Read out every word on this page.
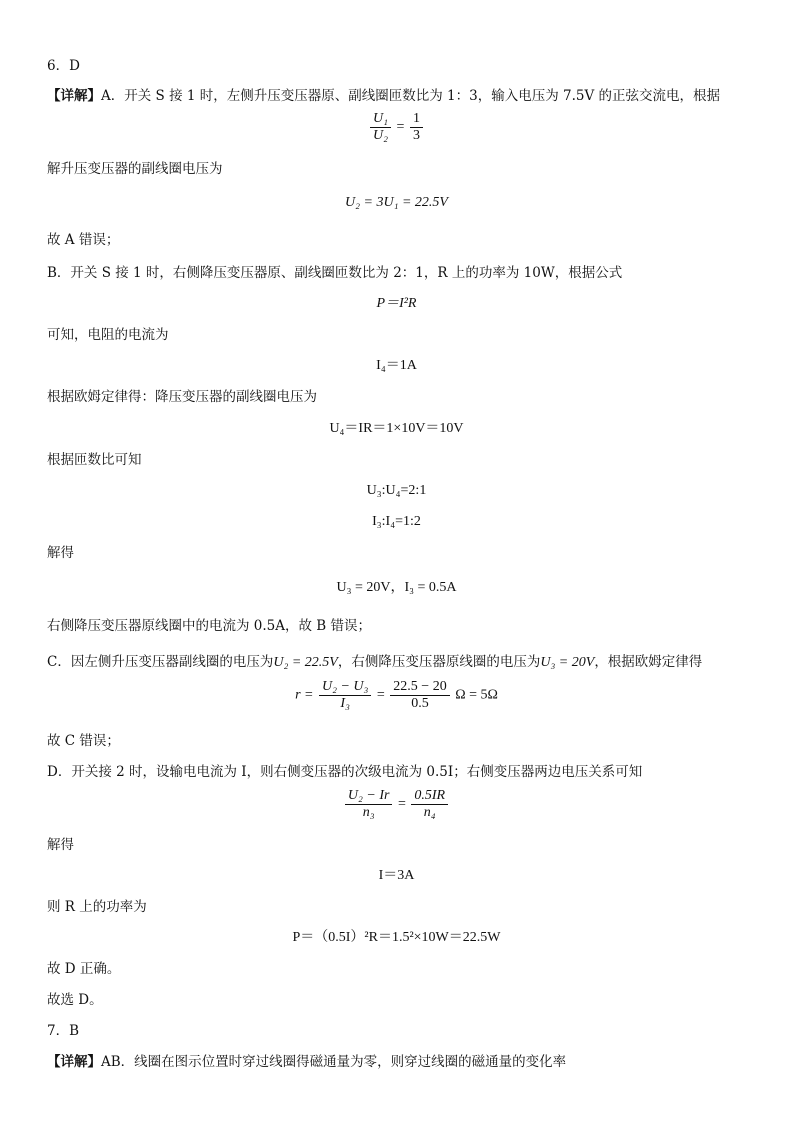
6．D
【详解】A．开关 S 接 1 时，左侧升压变压器原、副线圈匝数比为 1：3，输入电压为 7.5V 的正弦交流电，根据
$\frac{\text{U₁}}{\text{U₂}} = \frac{1}{3}$
解升压变压器的副线圈电压为
U₂ = 3U₁ = 22.5V
故 A 错误；
B．开关 S 接 1 时，右侧降压变压器原、副线圈匝数比为 2：1，R 上的功率为 10W，根据公式
P＝I²R
可知，电阻的电流为
I₄＝1A
根据欧姆定律得：降压变压器的副线圈电压为
U₄＝IR＝1×10V＝10V
根据匝数比可知
U₃:U₄=2:1
I₃:I₄=1:2
解得
U₃ = 20V，I₃ = 0.5A
右侧降压变压器原线圈中的电流为 0.5A，故 B 错误；
C．因左侧升压变压器副线圈的电压为U₂ = 22.5V，右侧降压变压器原线圈的电压为U₃ = 20V，根据欧姆定律得
$r = \frac{\text{U₂ − U₃}}{\text{I₃}} = \frac{22.5 - 20}{0.5}$ Ω = 5Ω
故 C 错误；
D．开关接 2 时，设输电电流为 I，则右侧变压器的次级电流为 0.5I；右侧变压器两边电压关系可知
$\frac{\text{U₂ − Ir}}{\text{n₃}} = \frac{0.5IR}{\text{n₄}}$
解得
I＝3A
则 R 上的功率为
P＝（0.5I）²R＝1.5²×10W＝22.5W
故 D 正确。
故选 D。
7．B
【详解】AB．线圈在图示位置时穿过线圈得磁通量为零，则穿过线圈的磁通量的变化率
